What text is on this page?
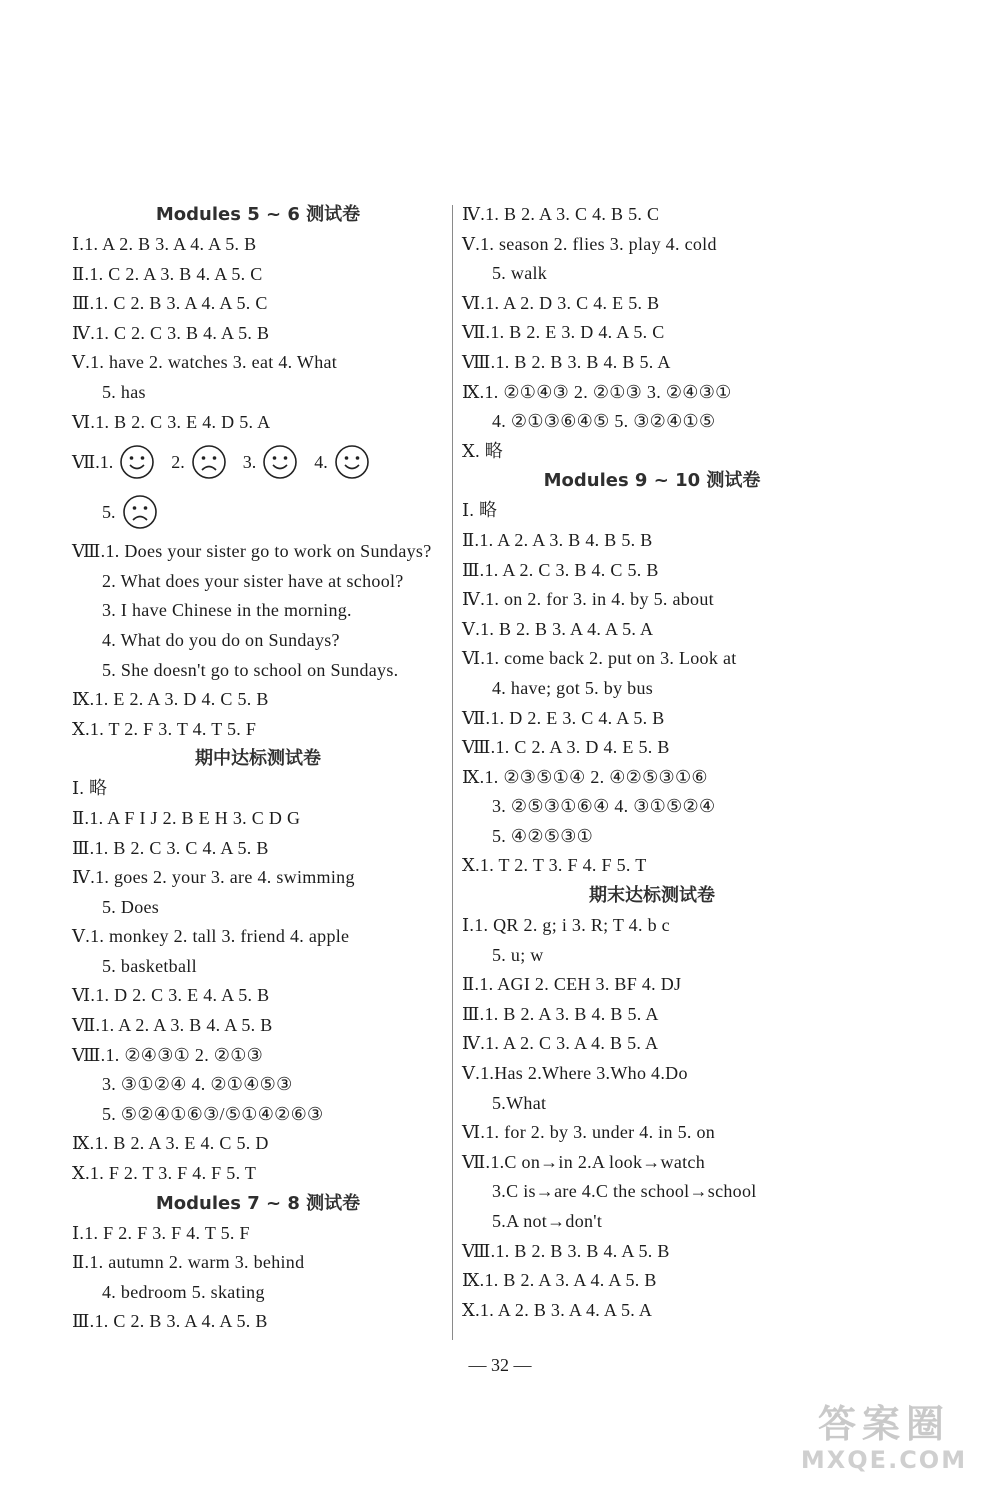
Modules 5 ~ 6 测试卷
Ⅰ.1. A 2. B 3. A 4. A 5. B
Ⅱ.1. C 2. A 3. B 4. A 5. C
Ⅲ.1. C 2. B 3. A 4. A 5. C
Ⅳ.1. C 2. C 3. B 4. A 5. B
Ⅴ.1. have 2. watches 3. eat 4. What
5. has
Ⅵ.1. B 2. C 3. E 4. D 5. A
Ⅶ.1.	2.	3.	4.
5.
Ⅷ.1. Does your sister go to work on Sundays?
2. What does your sister have at school?
3. I have Chinese in the morning.
4. What do you do on Sundays?
5. She doesn't go to school on Sundays.
Ⅸ.1. E 2. A 3. D 4. C 5. B
Ⅹ.1. T 2. F 3. T 4. T 5. F
期中达标测试卷
Ⅰ. 略
Ⅱ.1. A F I J 2. B E H 3. C D G
Ⅲ.1. B 2. C 3. C 4. A 5. B
Ⅳ.1. goes 2. your 3. are 4. swimming
5. Does
Ⅴ.1. monkey 2. tall 3. friend 4. apple
5. basketball
Ⅵ.1. D 2. C 3. E 4. A 5. B
Ⅶ.1. A 2. A 3. B 4. A 5. B
Ⅷ.1. ②④③① 2. ②①③
3. ③①②④ 4. ②①④⑤③
5. ⑤②④①⑥③/⑤①④②⑥③
Ⅸ.1. B 2. A 3. E 4. C 5. D
Ⅹ.1. F 2. T 3. F 4. F 5. T
Modules 7 ~ 8 测试卷
Ⅰ.1. F 2. F 3. F 4. T 5. F
Ⅱ.1. autumn 2. warm 3. behind
4. bedroom 5. skating
Ⅲ.1. C 2. B 3. A 4. A 5. B
Ⅳ.1. B 2. A 3. C 4. B 5. C
Ⅴ.1. season 2. flies 3. play 4. cold
5. walk
Ⅵ.1. A 2. D 3. C 4. E 5. B
Ⅶ.1. B 2. E 3. D 4. A 5. C
Ⅷ.1. B 2. B 3. B 4. B 5. A
Ⅸ.1. ②①④③ 2. ②①③ 3. ②④③①
4. ②①③⑥④⑤ 5. ③②④①⑤
Ⅹ. 略
Modules 9 ~ 10 测试卷
Ⅰ. 略
Ⅱ.1. A 2. A 3. B 4. B 5. B
Ⅲ.1. A 2. C 3. B 4. C 5. B
Ⅳ.1. on 2. for 3. in 4. by 5. about
Ⅴ.1. B 2. B 3. A 4. A 5. A
Ⅵ.1. come back 2. put on 3. Look at
4. have; got 5. by bus
Ⅶ.1. D 2. E 3. C 4. A 5. B
Ⅷ.1. C 2. A 3. D 4. E 5. B
Ⅸ.1. ②③⑤①④ 2. ④②⑤③①⑥
3. ②⑤③①⑥④ 4. ③①⑤②④
5. ④②⑤③①
Ⅹ.1. T 2. T 3. F 4. F 5. T
期末达标测试卷
Ⅰ.1. QR 2. g; i 3. R; T 4. b c
5. u; w
Ⅱ.1. AGI 2. CEH 3. BF 4. DJ
Ⅲ.1. B 2. A 3. B 4. B 5. A
Ⅳ.1. A 2. C 3. A 4. B 5. A
Ⅴ.1.Has 2.Where 3.Who 4.Do
5.What
Ⅵ.1. for 2. by 3. under 4. in 5. on
Ⅶ.1.C on→in 2.A look→watch
3.C is→are 4.C the school→school
5.A not→don't
Ⅷ.1. B 2. B 3. B 4. A 5. B
Ⅸ.1. B 2. A 3. A 4. A 5. B
Ⅹ.1. A 2. B 3. A 4. A 5. A
— 32 —
答案圈
MXQE.COM
